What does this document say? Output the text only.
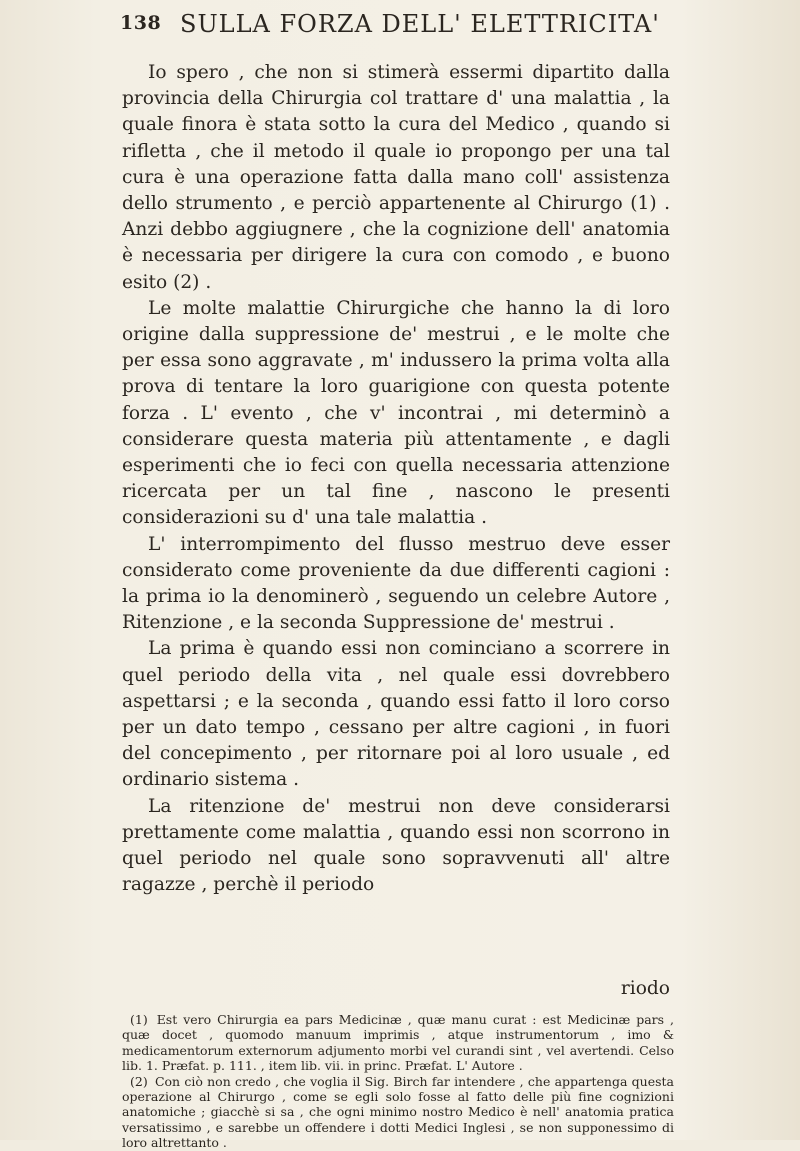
138 SULLA FORZA DELL' ELETTRICITA'

Io spero , che non si stimerà essermi dipartito dalla provincia della Chirurgia col trattare d' una malattia , la quale finora è stata sotto la cura del Medico , quando si rifletta , che il metodo il quale io propongo per una tal cura è una operazione fatta dalla mano coll' assistenza dello strumento , e perciò appartenente al Chirurgo (1) . Anzi debbo aggiugnere , che la cognizione dell' anatomia è necessaria per dirigere la cura con comodo , e buono esito (2) .

Le molte malattie Chirurgiche che hanno la di loro origine dalla suppressione de' mestrui , e le molte che per essa sono aggravate , m' indussero la prima volta alla prova di tentare la loro guarigione con questa potente forza . L' evento , che v' incontrai , mi determinò a considerare questa materia più attentamente , e dagli esperimenti che io feci con quella necessaria attenzione ricercata per un tal fine , nascono le presenti considerazioni su d' una tale malattia .

L' interrompimento del flusso mestruo deve esser considerato come proveniente da due differenti cagioni : la prima io la denominerò , seguendo un celebre Autore , Ritenzione , e la seconda Suppressione de' mestrui .

La prima è quando essi non cominciano a scorrere in quel periodo della vita , nel quale essi dovrebbero aspettarsi ; e la seconda , quando essi fatto il loro corso per un dato tempo , cessano per altre cagioni , in fuori del concepimento , per ritornare poi al loro usuale , ed ordinario sistema .

La ritenzione de' mestrui non deve considerarsi prettamente come malattia , quando essi non scorrono in quel periodo nel quale sono sopravvenuti all' altre ragazze , perchè il periodo

riodo

(1) Est vero Chirurgia ea pars Medicinæ , quæ manu curat : est Medicinæ pars , quæ docet , quomodo manuum imprimis , atque instrumentorum , imo & medicamentorum externorum adjumento morbi vel curandi sint , vel avertendi. Celso lib. 1. Præfat. p. 111. , item lib. vii. in princ. Præfat. L' Autore .

(2) Con ciò non credo , che voglia il Sig. Birch far intendere , che appartenga questa operazione al Chirurgo , come se egli solo fosse al fatto delle più fine cognizioni anatomiche ; giacchè si sa , che ogni minimo nostro Medico è nell' anatomia pratica versatissimo , e sarebbe un offendere i dotti Medici Inglesi , se non supponessimo di loro altrettanto .
